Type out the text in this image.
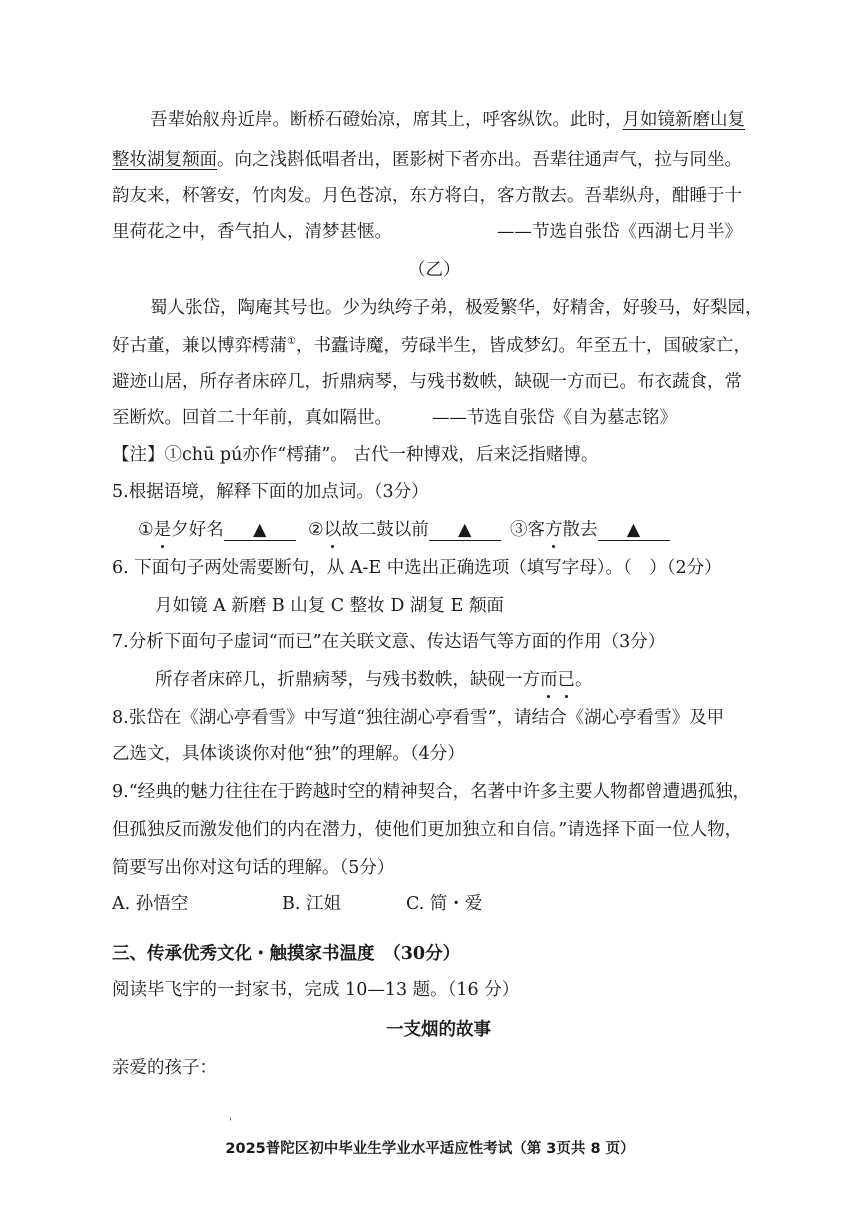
吾辈始舣舟近岸。断桥石磴始凉，席其上，呼客纵饮。此时，月如镜新磨山复
整妆湖复颒面。向之浅斟低唱者出，匿影树下者亦出。吾辈往通声气，拉与同坐。
韵友来，杯箸安，竹肉发。月色苍凉，东方将白，客方散去。吾辈纵舟，酣睡于十
里荷花之中，香气拍人，清梦甚惬。	——节选自张岱《西湖七月半》
（乙）
蜀人张岱，陶庵其号也。少为纨绔子弟，极爱繁华，好精舍，好骏马，好梨园，
好古董，兼以博弈樗蒲①，书蠹诗魔，劳碌半生，皆成梦幻。年至五十，国破家亡，
避迹山居，所存者床碎几，折鼎病琴，与残书数帙，缺砚一方而已。布衣蔬食，常
至断炊。回首二十年前，真如隔世。 ——节选自张岱《自为墓志铭》
【注】①chū pú亦作“樗蒱”。 古代一种博戏，后来泛指赌博。
5.根据语境，解释下面的加点词。（3分）
①是夕好名 ▲	②以故二鼓以前 ▲	③客方散去 ▲
6. 下面句子两处需要断句，从 A-E 中选出正确选项（填写字母）。（　）（2分）
月如镜 A 新磨 B 山复 C 整妆 D 湖复 E 颒面
7.分析下面句子虚词“而已”在关联文意、传达语气等方面的作用（3分）
所存者床碎几，折鼎病琴，与残书数帙，缺砚一方而已。
8.张岱在《湖心亭看雪》中写道“独往湖心亭看雪”，请结合《湖心亭看雪》及甲
乙选文，具体谈谈你对他“独”的理解。（4分）
9.“经典的魅力往往在于跨越时空的精神契合，名著中许多主要人物都曾遭遇孤独，
但孤独反而激发他们的内在潜力，使他们更加独立和自信。”请选择下面一位人物，
简要写出你对这句话的理解。（5分）
A. 孙悟空	B. 江姐	C. 简・爱
三、传承优秀文化・触摸家书温度　（30分）
阅读毕飞宇的一封家书，完成 10—13 题。（16 分）
一支烟的故事
亲爱的孩子：
'
2025普陀区初中毕业生学业水平适应性考试（第 3页共 8 页）
